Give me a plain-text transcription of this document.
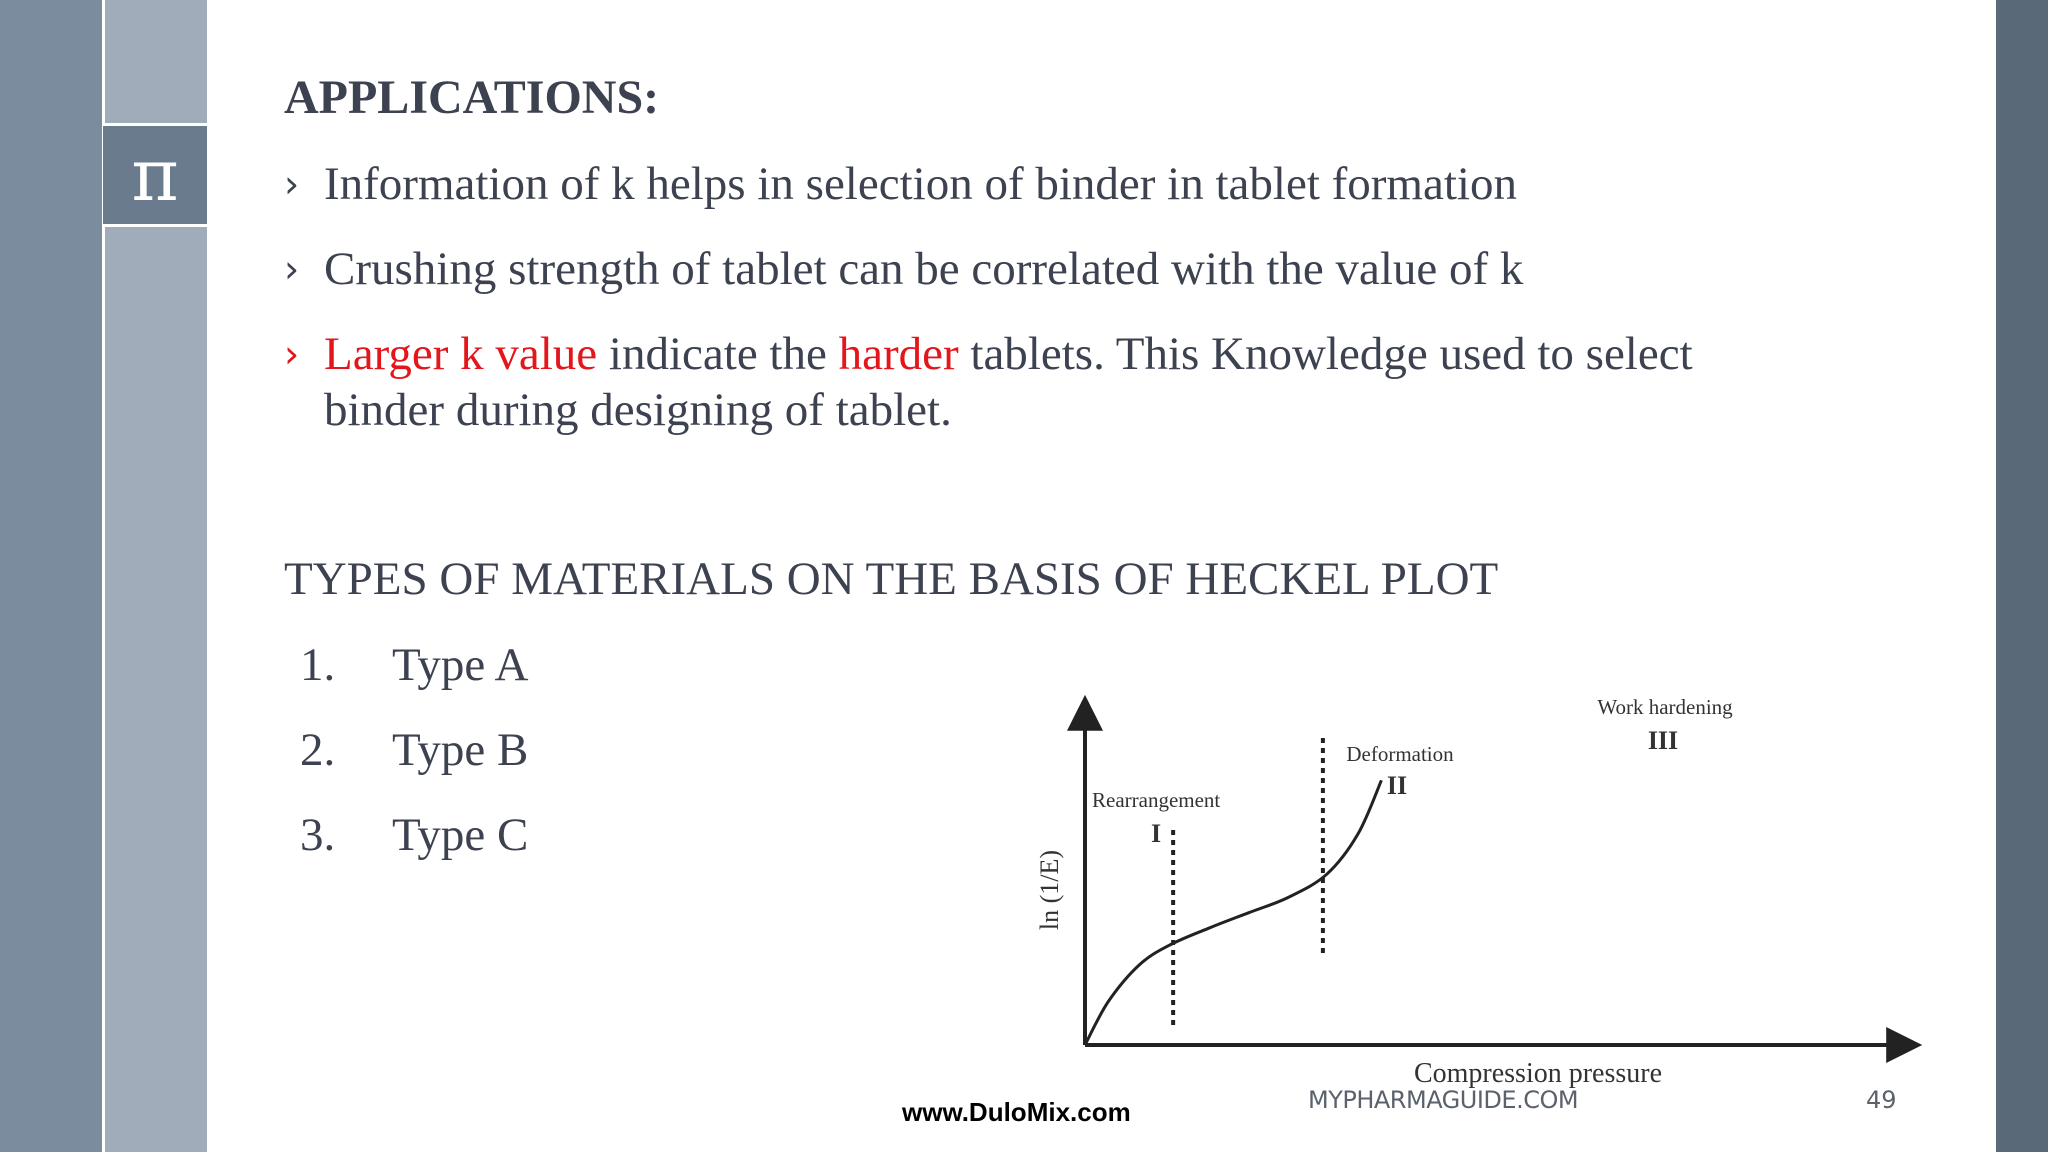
π
APPLICATIONS:
› Information of k helps in selection of binder in tablet formation
› Crushing strength of tablet can be correlated with the value of k
› Larger k value indicate the harder tablets. This Knowledge used to select binder during designing of tablet.
TYPES OF MATERIALS ON THE BASIS OF HECKEL PLOT
1. Type A
2. Type B
3. Type C
Rearrangement
I
Deformation
II
Work hardening
III
ln (1/E)
Compression pressure
www.DuloMix.com	MYPHARMAGUIDE.COM	49
